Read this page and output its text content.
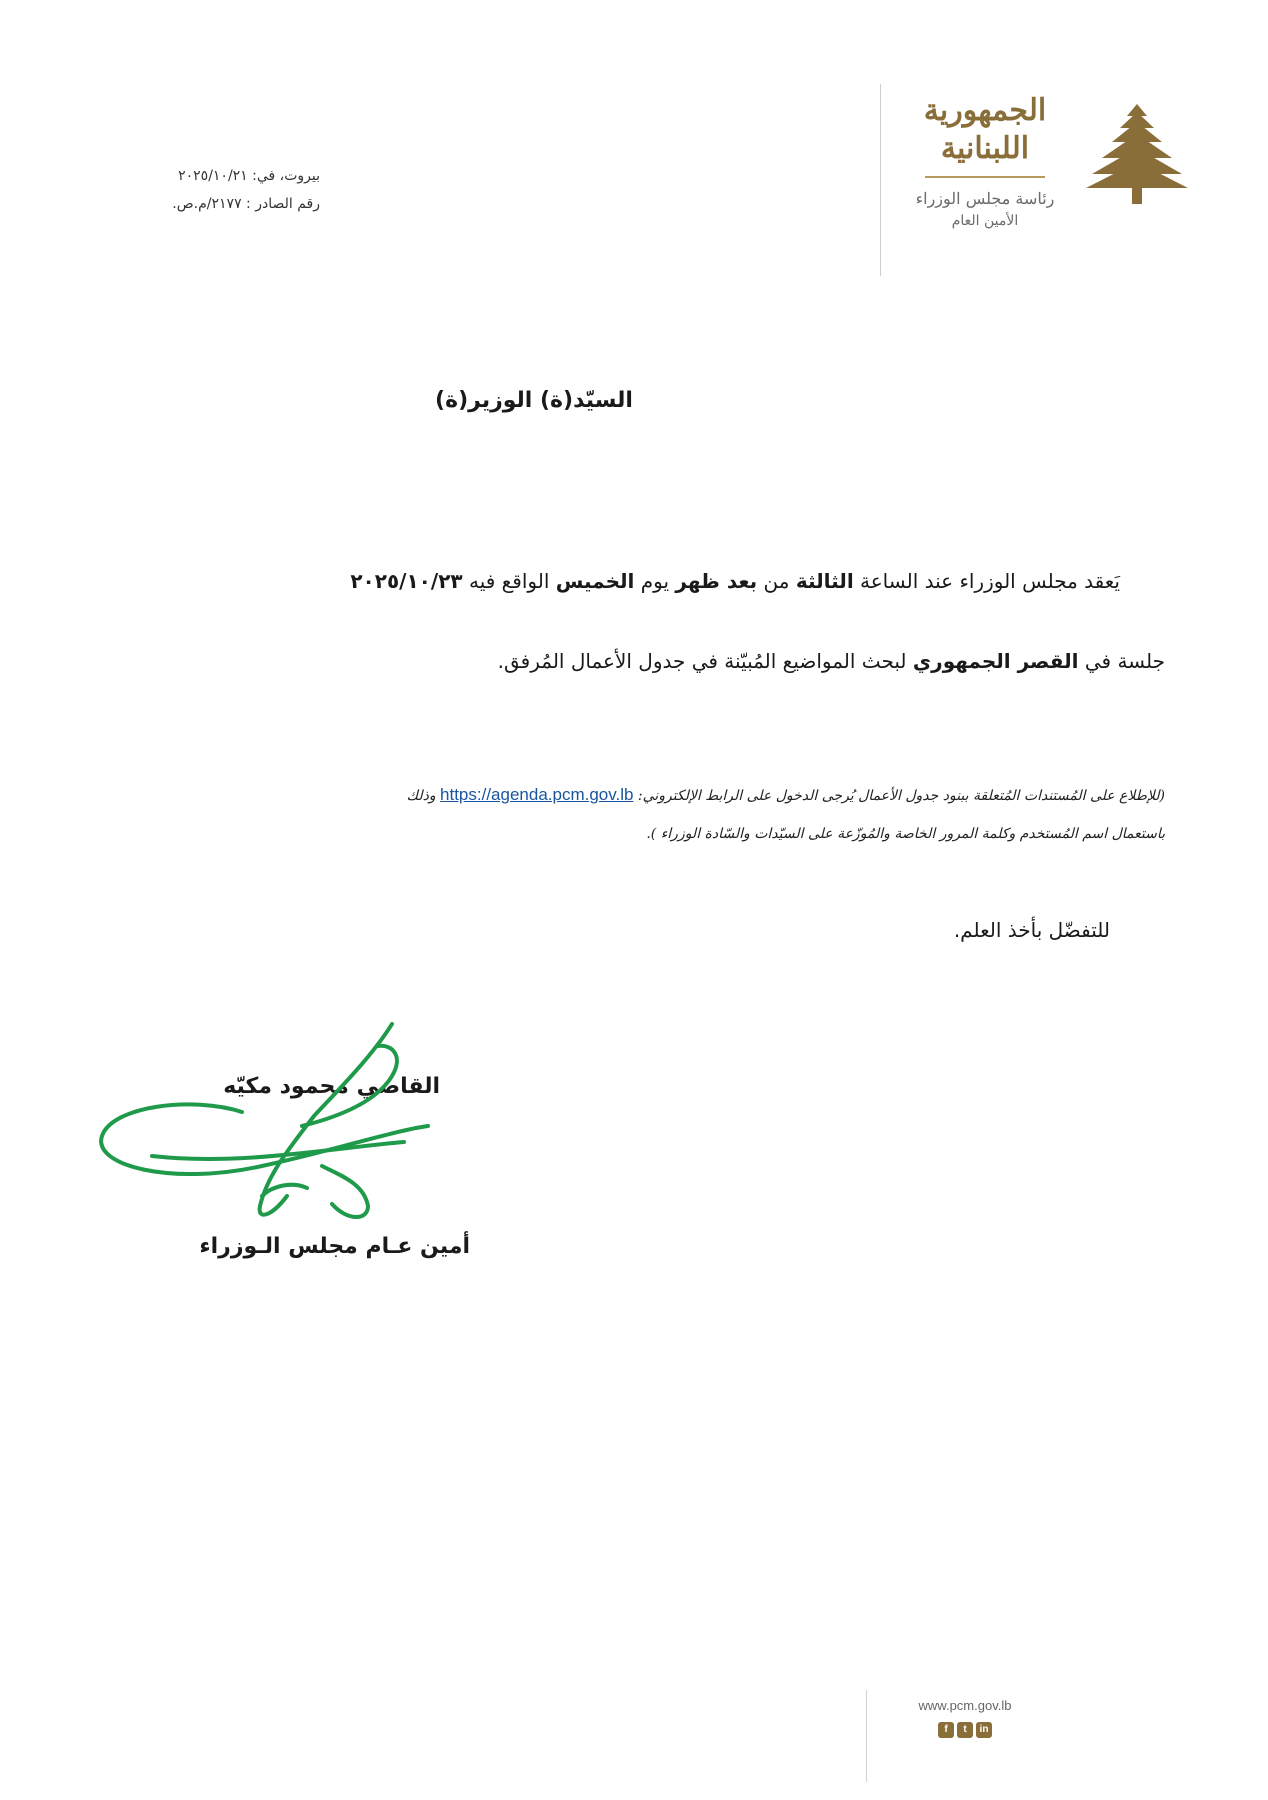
الجمهورية
اللبنانية
رئاسة مجلس الوزراء
الأمين العام
بيروت، في: ٢٠٢٥/١٠/٢١
رقم الصادر : ٢١٧٧/م.ص.
السيّد(ة) الوزير(ة)
يَعقد مجلس الوزراء عند الساعة الثالثة من بعد ظهر يوم الخميس الواقع فيه ٢٠٢٥/١٠/٢٣
جلسة في القصر الجمهوري لبحث المواضيع المُبيّنة في جدول الأعمال المُرفق.
(للإطلاع على المُستندات المُتعلقة ببنود جدول الأعمال يُرجى الدخول على الرابط الإلكتروني: https://agenda.pcm.gov.lb وذلك
باستعمال اسم المُستخدم وكلمة المرور الخاصة والمُوزّعة على السيّدات والسّادة الوزراء ).
للتفضّل بأخذ العلم.
القاضي محمود مكيّه
أمين عـام مجلس الـوزراء
www.pcm.gov.lb
f	t	in
